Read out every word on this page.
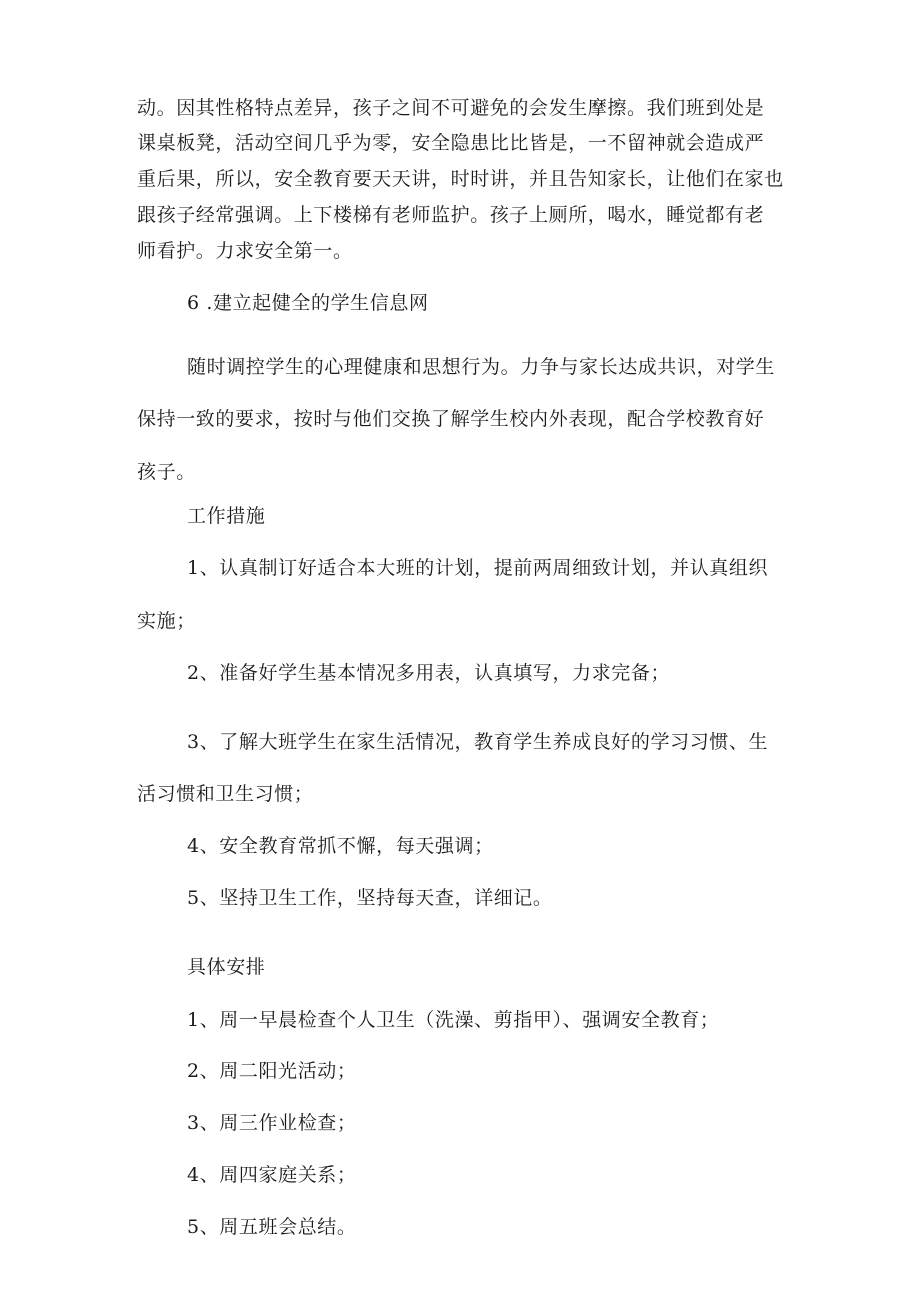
动。因其性格特点差异，孩子之间不可避免的会发生摩擦。我们班到处是
课桌板凳，活动空间几乎为零，安全隐患比比皆是，一不留神就会造成严
重后果，所以，安全教育要天天讲，时时讲，并且告知家长，让他们在家也
跟孩子经常强调。上下楼梯有老师监护。孩子上厕所，喝水，睡觉都有老
师看护。力求安全第一。
6 .建立起健全的学生信息网
随时调控学生的心理健康和思想行为。力争与家长达成共识，对学生
保持一致的要求，按时与他们交换了解学生校内外表现，配合学校教育好
孩子。
工作措施
1、认真制订好适合本大班的计划，提前两周细致计划，并认真组织
实施；
2、准备好学生基本情况多用表，认真填写，力求完备；
3、了解大班学生在家生活情况，教育学生养成良好的学习习惯、生
活习惯和卫生习惯；
4、安全教育常抓不懈，每天强调；
5、坚持卫生工作，坚持每天查，详细记。
具体安排
1、周一早晨检查个人卫生（洗澡、剪指甲）、强调安全教育；
2、周二阳光活动；
3、周三作业检查；
4、周四家庭关系；
5、周五班会总结。
